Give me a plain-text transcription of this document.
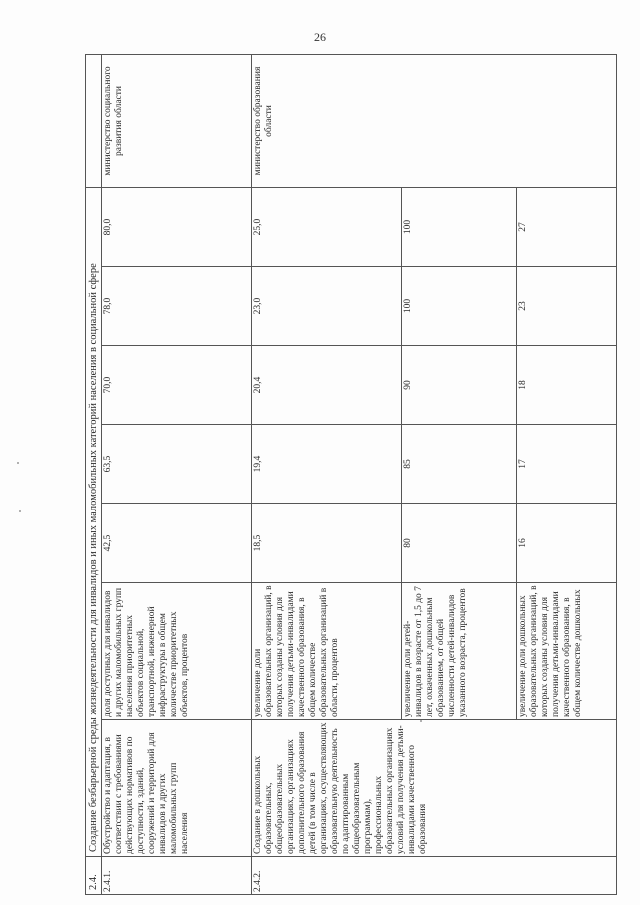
26
2.4.	Создание безбарьерной среды жизнедеятельности для инвалидов и иных маломобильных категорий населения в социальной сфере							
2.4.1.	Обустройство и адаптация, в соответствии с требованиями действующих нормативов по доступности, зданий, сооружений и территорий для инвалидов и других маломобильных групп населения	доля доступных для инвалидов и других маломобильных групп населения приоритетных объектов социальной, транспортной, инженерной инфраструктуры в общем количестве приоритетных объектов, процентов	42,5	63,5	70,0	78,0	80,0	министерство социального развития области
2.4.2.	Создание в дошкольных образовательных, общеобразовательных организациях, организациях дополнительного образования детей (в том числе в организациях, осуществляющих образовательную деятельность по адаптированным общеобразовательным программам), профессиональных образовательных организациях условий для получения детьми-инвалидами качественного образования	увеличение доли образовательных организаций, в которых созданы условия для получения детьми-инвалидами качественного образования, в общем количестве образовательных организаций в области, процентов	18,5	19,4	20,4	23,0	25,0	министерство образования области
		увеличение доли детей-инвалидов в возрасте от 1,5 до 7 лет, охваченных дошкольным образованием, от общей численности детей-инвалидов указанного возраста, процентов	80	85	90	100	100	
		увеличение доли дошкольных образовательных организаций, в которых созданы условия для получения детьми-инвалидами качественного образования, в общем количестве дошкольных	16	17	18	23	27	
